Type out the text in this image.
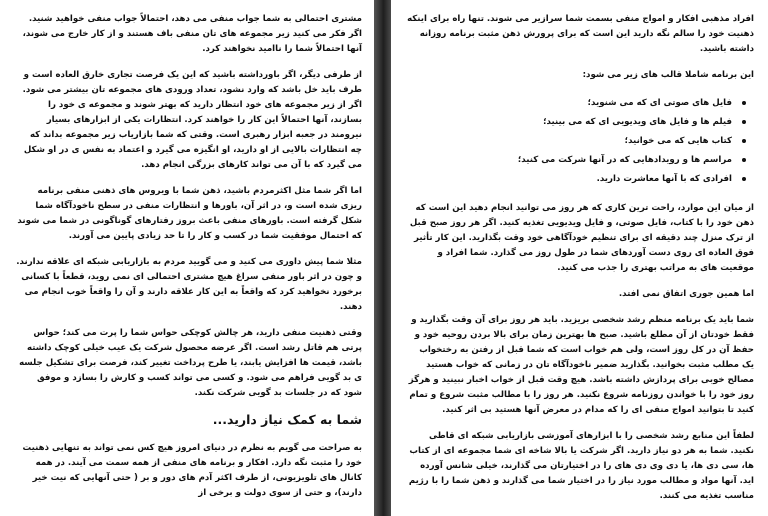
مشتری احتمالی به شما جواب منفی می دهد، احتمالاً جواب منفی خواهید شنید. اگر فکر می کنید زیر مجموعه های تان منفی باف هستند و از کار خارج می شوند، آنها احتمالاً شما را ناامید نخواهند کرد.

از طرفی دیگر، اگر باورداشته باشید که این یک فرصت تجاری خارق العاده است و طرف باید خل باشد که وارد نشود، تعداد ورودی های مجموعه تان بیشتر می شود. اگر از زیر مجموعه های خود انتظار دارید که بهتر شوند و مجموعه ی خود را بسازند، آنها احتمالاً این کار را خواهند کرد. انتظارات یکی از ابزارهای بسیار نیرومند در جعبه ابزار رهبری است. وقتی که شما بازاریاب زیر مجموعه بداند که چه انتظارات بالایی از او دارید، او انگیزه می گیرد و اعتماد به نفس ی در او شکل می گیرد که با آن می تواند کارهای بزرگی انجام دهد.

اما اگر شما مثل اکثرمردم باشید، ذهن شما با ویروس های ذهنی منفی برنامه ریزی شده است و، در اثر آن، باورها و انتظارات منفی در سطح ناخودآگاه شما شکل گرفته است. باورهای منفی باعث بروز رفتارهای گوناگونی در شما می شوند که احتمال موفقیت شما در کسب و کار را تا حد زیادی پایین می آورند.

مثلا شما پیش داوری می کنید و می گویید مردم به بازاریابی شبکه ای علاقه ندارند. و چون در اثر باور منفی سراغ هیچ مشتری احتمالی ای نمی روید، قطعاً با کسانی برخورد نخواهید کرد که واقعاً به این کار علاقه دارند و آن را واقعاً خوب انجام می دهند.

وقتی ذهنیت منفی دارید، هر چالش کوچکی حواس شما را پرت می کند؛ حواس پرتی هم قاتل رشد است. اگر عرضه محصول شرکت یک عیب خیلی کوچک داشته باشد، قیمت ها افزایش یابند، یا طرح پرداخت تغییر کند، فرصت برای تشکیل جلسه ی بد گویی فراهم می شود. و کسی می تواند کسب و کارش را بسازد و موفق شود که در جلسات بد گویی شرکت نکند.

شما به کمک نیاز دارید...

به صراحت می گویم به نظرم در دنیای امروز هیچ کس نمی تواند به تنهایی ذهنیت خود را مثبت نگه دارد. افکار و برنامه های منفی از همه سمت می آیند. در همه کانال های تلویزیونی، از طرف اکثر آدم های دور و بر ( حتی آنهایی که نیت خیر دارند)، و حتی از سوی دولت و برخی از

افراد مذهبی افکار و امواج منفی بسمت شما سرازیر می شوند. تنها راه برای اینکه ذهنیت خود را سالم نگه دارید این است که برای پرورش ذهن مثبت برنامه روزانه داشته باشید.

این برنامه شاملا قالب های زیر می شود:

فایل های صوتی ای که می شنوید؛
فیلم ها و فایل های ویدیویی ای که می بینید؛
کتاب هایی که می خوانید؛
مراسم ها و رویدادهایی که در آنها شرکت می کنید؛
افرادی که با آنها معاشرت دارید.

از میان این موارد، راحت ترین کاری که هر روز می توانید انجام دهید این است که ذهن خود را با کتاب، فایل صوتی، و فایل ویدیویی تغذیه کنید. اگر هر روز صبح قبل از ترک منزل چند دقیقه ای برای تنظیم خودآگاهی خود وقت بگذارید. این کار تأثیر فوق العاده ای روی دست آوردهای شما در طول روز می گذارد. شما افراد و موقعیت های به مراتب بهتری را جذب می کنید.

اما همین جوری اتفاق نمی افتد.

شما باید یک برنامه منظم رشد شخصی بریزید. باید هر روز برای آن وقت بگذارید و فقط خودتان از آن مطلع باشید. صبح ها بهترین زمان برای بالا بردن روحیه خود و حفظ آن در کل روز است، ولی هم خواب است که شما قبل از رفتن به رختخواب یک مطلب مثبت بخوانید. بگذارید ضمیر ناخودآگاه تان در زمانی که خواب هستید مصالح خوبی برای پردازش داشته باشد. هیچ وقت قبل از خواب اخبار نبینید و هرگز روز خود را با خواندن روزنامه شروع نکنید. هر روز را با مطالب مثبت شروع و تمام کنید تا بتوانید امواج منفی ای را که مدام در معرض آنها هستید بی اثر کنید.

لطفاً این منابع رشد شخصی را با ابزارهای آموزشی بازاریابی شبکه ای قاطی نکنید. شما به هر دو نیاز دارید. اگر شرکت یا بالا شاخه ای شما مجموعه ای از کتاب ها، سی دی ها، یا دی وی دی های را در اختیارتان می گذارند، خیلی شانس آورده اید. آنها مواد و مطالب مورد نیاز را در اختیار شما می گذارند و ذهن شما را با رژیم مناسب تغذیه می کنند.
